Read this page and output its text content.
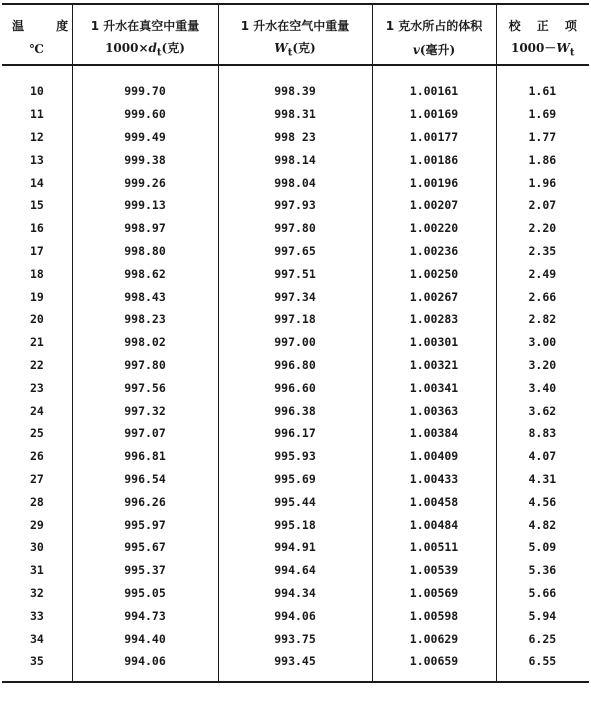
温 度	1 升水在真空中重量	1 升水在空气中重量	1 克水所占的体积	校 正 项
℃	$1000\times d_t$(克)	$W_t$(克)	v(毫升)	$1000-W_t$
10	999.70	998.39	1.00161	1.61
11	999.60	998.31	1.00169	1.69
12	999.49	998 23	1.00177	1.77
13	999.38	998.14	1.00186	1.86
14	999.26	998.04	1.00196	1.96
15	999.13	997.93	1.00207	2.07
16	998.97	997.80	1.00220	2.20
17	998.80	997.65	1.00236	2.35
18	998.62	997.51	1.00250	2.49
19	998.43	997.34	1.00267	2.66
20	998.23	997.18	1.00283	2.82
21	998.02	997.00	1.00301	3.00
22	997.80	996.80	1.00321	3.20
23	997.56	996.60	1.00341	3.40
24	997.32	996.38	1.00363	3.62
25	997.07	996.17	1.00384	8.83
26	996.81	995.93	1.00409	4.07
27	996.54	995.69	1.00433	4.31
28	996.26	995.44	1.00458	4.56
29	995.97	995.18	1.00484	4.82
30	995.67	994.91	1.00511	5.09
31	995.37	994.64	1.00539	5.36
32	995.05	994.34	1.00569	5.66
33	994.73	994.06	1.00598	5.94
34	994.40	993.75	1.00629	6.25
35	994.06	993.45	1.00659	6.55
